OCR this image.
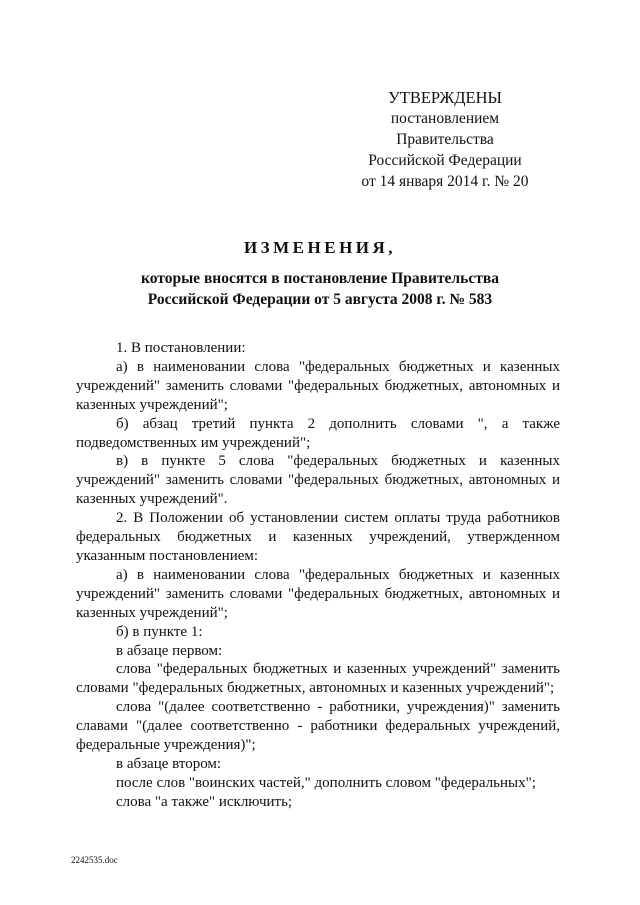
УТВЕРЖДЕНЫ
постановлением Правительства
Российской Федерации
от 14 января 2014 г. № 20
ИЗМЕНЕНИЯ,
которые вносятся в постановление Правительства
Российской Федерации от 5 августа 2008 г. № 583

1. В постановлении:

а) в наименовании слова "федеральных бюджетных и казенных учреждений" заменить словами "федеральных бюджетных, автономных и казенных учреждений";

б) абзац третий пункта 2 дополнить словами ", а также подведомственных им учреждений";

в) в пункте 5 слова "федеральных бюджетных и казенных учреждений" заменить словами "федеральных бюджетных, автономных и казенных учреждений".

2. В Положении об установлении систем оплаты труда работников федеральных бюджетных и казенных учреждений, утвержденном указанным постановлением:

а) в наименовании слова "федеральных бюджетных и казенных учреждений" заменить словами "федеральных бюджетных, автономных и казенных учреждений";

б) в пункте 1:

в абзаце первом:

слова "федеральных бюджетных и казенных учреждений" заменить словами "федеральных бюджетных, автономных и казенных учреждений";

слова "(далее соответственно - работники, учреждения)" заменить славами "(далее соответственно - работники федеральных учреждений, федеральные учреждения)";

в абзаце втором:

после слов "воинских частей," дополнить словом "федеральных";

слова "а также" исключить;

2242535.doc
